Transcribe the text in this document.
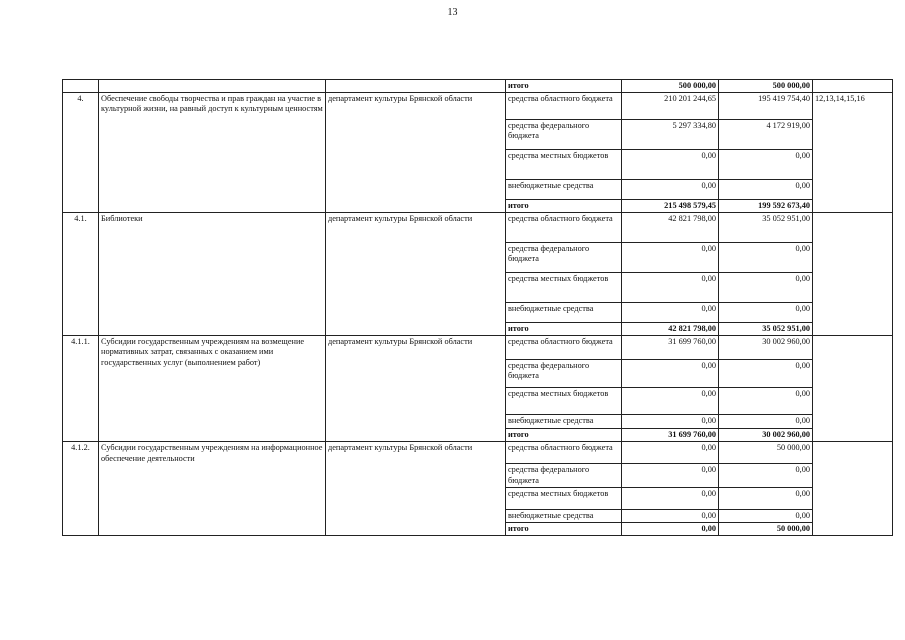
13
			итого	500 000,00	500 000,00	
4.	Обеспечение свободы творчества и прав граждан на участие в культурной жизни, на равный доступ к культурным ценностям	департамент культуры Брянской области	средства областного бюджета	210 201 244,65	195 419 754,40	12,13,14,15,16
			средства федерального бюджета	5 297 334,80	4 172 919,00	
			средства местных бюджетов	0,00	0,00	
			внебюджетные средства	0,00	0,00	
			итого	215 498 579,45	199 592 673,40	
4.1.	Библиотеки	департамент культуры Брянской области	средства областного бюджета	42 821 798,00	35 052 951,00	
			средства федерального бюджета	0,00	0,00	
			средства местных бюджетов	0,00	0,00	
			внебюджетные средства	0,00	0,00	
			итого	42 821 798,00	35 052 951,00	
4.1.1.	Субсидии государственным учреждениям на возмещение нормативных затрат, связанных с оказанием ими государственных услуг (выполнением работ)	департамент культуры Брянской области	средства областного бюджета	31 699 760,00	30 002 960,00	
			средства федерального бюджета	0,00	0,00	
			средства местных бюджетов	0,00	0,00	
			внебюджетные средства	0,00	0,00	
			итого	31 699 760,00	30 002 960,00	
4.1.2.	Субсидии государственным учреждениям на информационное обеспечение деятельности	департамент культуры Брянской области	средства областного бюджета	0,00	50 000,00	
			средства федерального бюджета	0,00	0,00	
			средства местных бюджетов	0,00	0,00	
			внебюджетные средства	0,00	0,00	
			итого	0,00	50 000,00	
